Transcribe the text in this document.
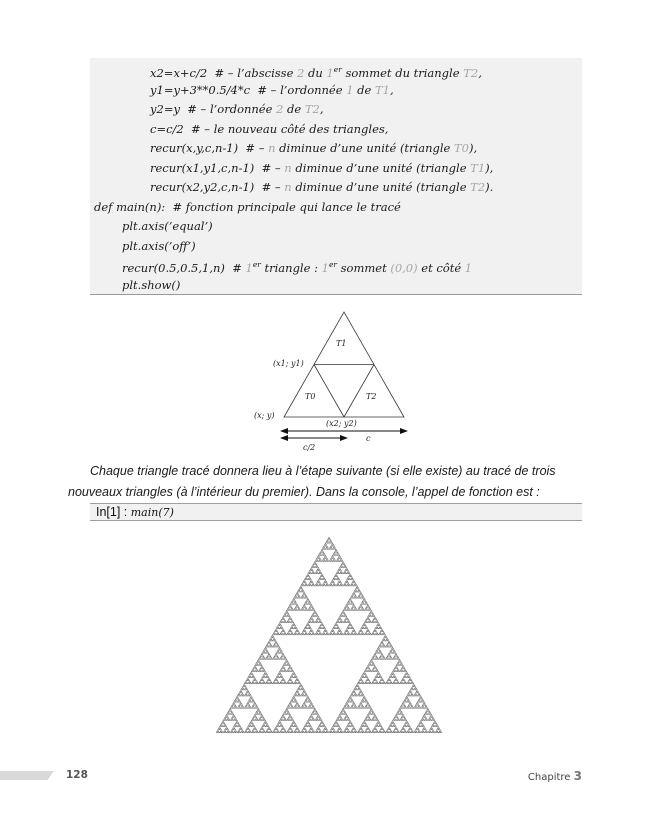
x2=x+c/2  # – l’abscisse 2 du 1er sommet du triangle T2,
y1=y+3**0.5/4*c  # – l’ordonnée 1 de T1,
y2=y  # – l’ordonnée 2 de T2,
c=c/2  # – le nouveau côté des triangles,
recur(x,y,c,n-1)  # – n diminue d’une unité (triangle T0),
recur(x1,y1,c,n-1)  # – n diminue d’une unité (triangle T1),
recur(x2,y2,c,n-1)  # – n diminue d’une unité (triangle T2).
def main(n):  # fonction principale qui lance le tracé
plt.axis(’equal’)
plt.axis(’off’)
recur(0.5,0.5,1,n)  # 1er triangle : 1er sommet (0,0) et côté 1
plt.show()
T1
T0	T2
(x1; y1)
(x; y)
(x2; y2)
c
c/2
Chaque triangle tracé donnera lieu à l’étape suivante (si elle existe) au tracé de trois
nouveaux triangles (à l’intérieur du premier). Dans la console, l’appel de fonction est :
In[1] : main(7)
128	Chapitre 3
